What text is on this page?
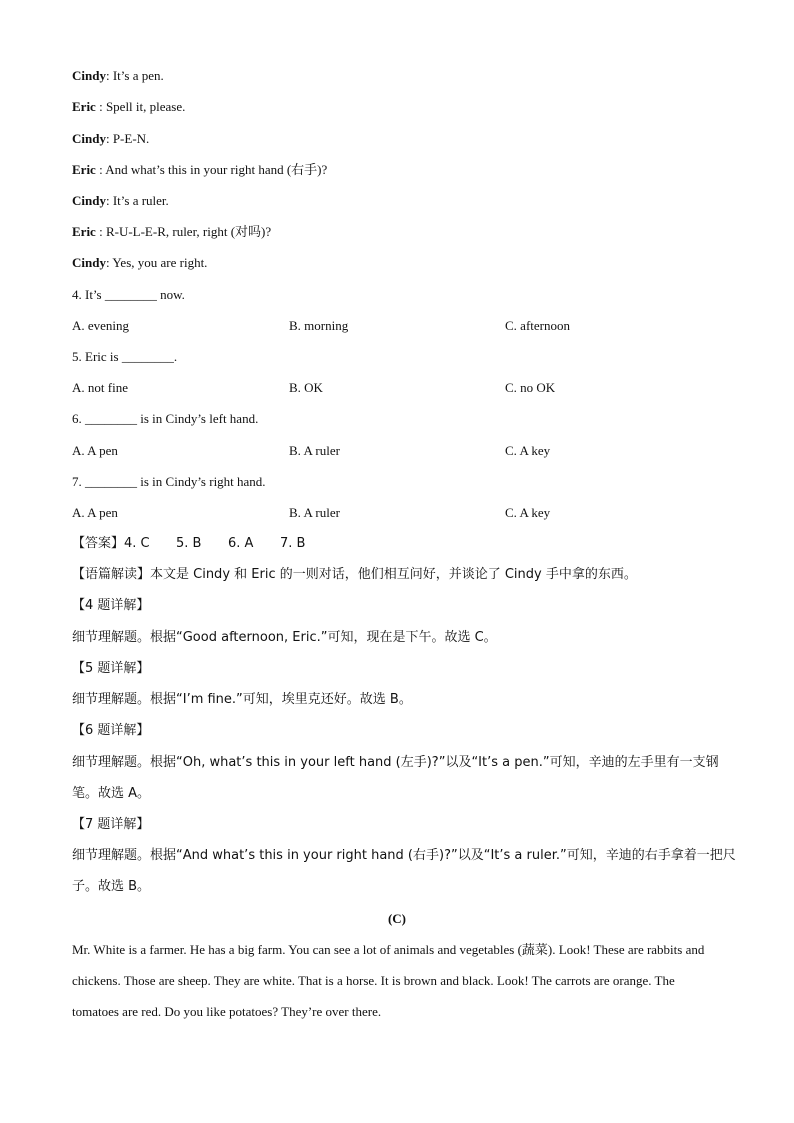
Cindy: It’s a pen.
Eric : Spell it, please.
Cindy: P-E-N.
Eric : And what’s this in your right hand (右手)?
Cindy: It’s a ruler.
Eric : R-U-L-E-R, ruler, right (对吗)?
Cindy: Yes, you are right.
4. It’s ________ now.
A. evening	B. morning	C. afternoon
5. Eric is ________.
A. not fine	B. OK	C. no OK
6. ________ is in Cindy’s left hand.
A. A pen	B. A ruler	C. A key
7. ________ is in Cindy’s right hand.
A. A pen	B. A ruler	C. A key
【答案】4. C 5. B 6. A 7. B
【语篇解读】本文是 Cindy 和 Eric 的一则对话，他们相互问好，并谈论了 Cindy 手中拿的东西。
【4 题详解】
细节理解题。根据“Good afternoon, Eric.”可知，现在是下午。故选 C。
【5 题详解】
细节理解题。根据“I’m fine.”可知，埃里克还好。故选 B。
【6 题详解】
细节理解题。根据“Oh, what’s this in your left hand (左手)?”以及“It’s a pen.”可知，辛迪的左手里有一支钢
笔。故选 A。
【7 题详解】
细节理解题。根据“And what’s this in your right hand (右手)?”以及“It’s a ruler.”可知，辛迪的右手拿着一把尺
子。故选 B。
(C)
Mr. White is a farmer. He has a big farm. You can see a lot of animals and vegetables (蔬菜). Look! These are rabbits and chickens. Those are sheep. They are white. That is a horse. It is brown and black. Look! The carrots are orange. The tomatoes are red. Do you like potatoes? They’re over there.
